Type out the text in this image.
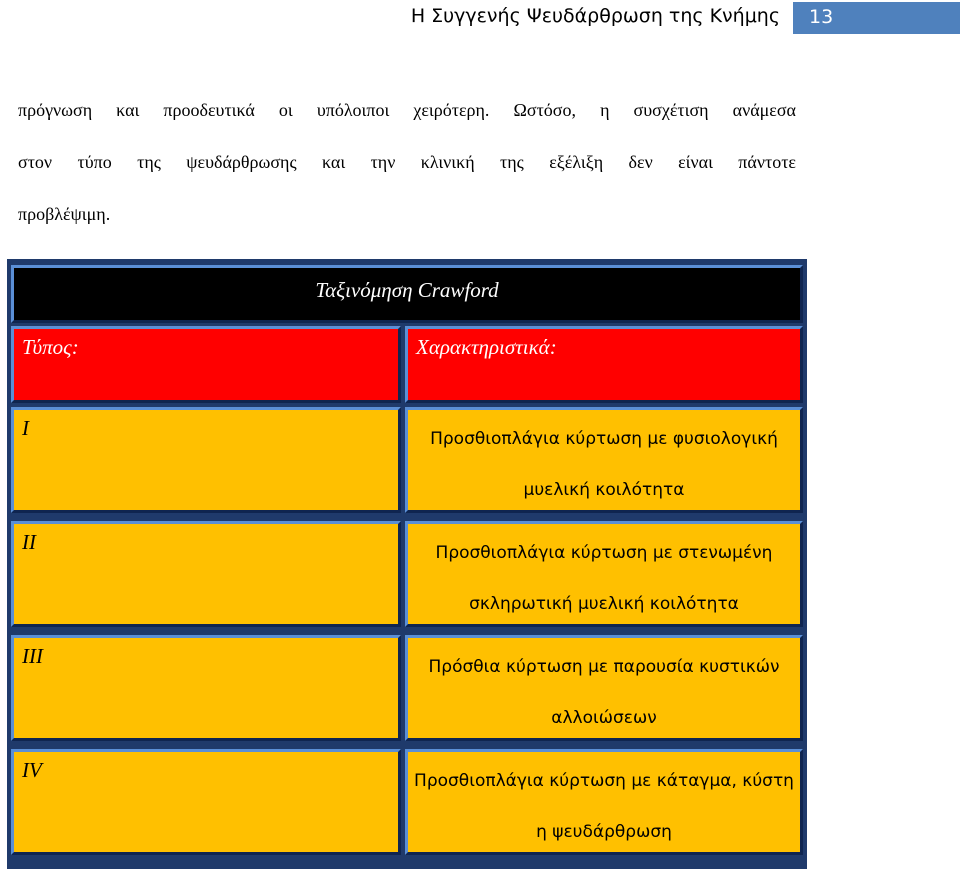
Η Συγγενής Ψευδάρθρωση της Κνήμης 13
πρόγνωση και προοδευτικά οι υπόλοιποι χειρότερη. Ωστόσο, η συσχέτιση ανάμεσα
στον τύπο της ψευδάρθρωσης και την κλινική της εξέλιξη δεν είναι πάντοτε
προβλέψιμη.
Ταξινόμηση Crawford
Τύπος:	Χαρακτηριστικά:
I	Προσθιοπλάγια κύρτωση με φυσιολογική μυελική κοιλότητα
II	Προσθιοπλάγια κύρτωση με στενωμένη σκληρωτική μυελική κοιλότητα
III	Πρόσθια κύρτωση με παρουσία κυστικών αλλοιώσεων
IV	Προσθιοπλάγια κύρτωση με κάταγμα, κύστη η ψευδάρθρωση
